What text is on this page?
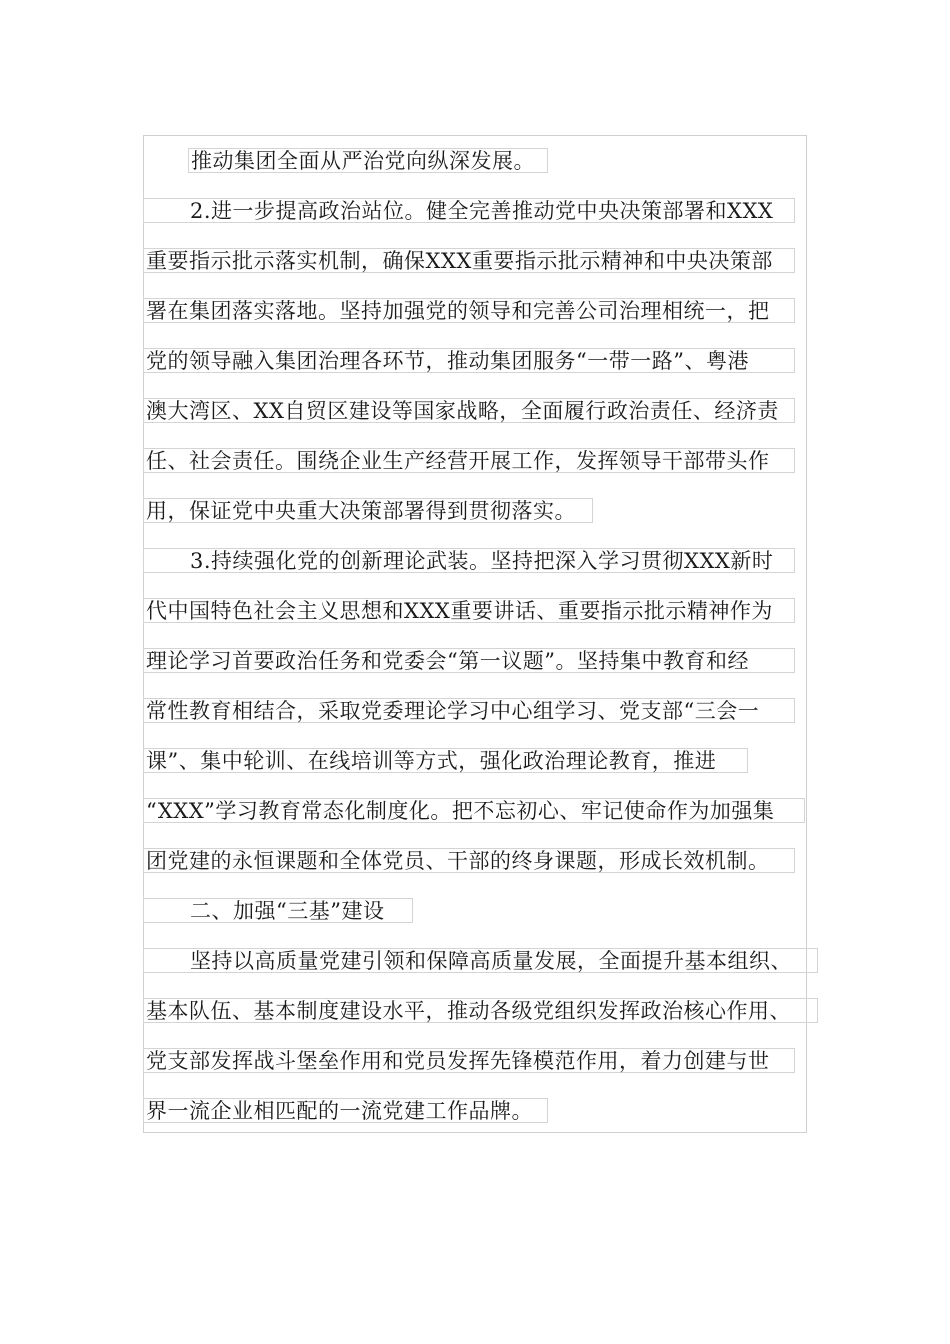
推动集团全面从严治党向纵深发展。
2.进一步提高政治站位。健全完善推动党中央决策部署和XXX
重要指示批示落实机制，确保XXX重要指示批示精神和中央决策部
署在集团落实落地。坚持加强党的领导和完善公司治理相统一，把
党的领导融入集团治理各环节，推动集团服务“一带一路”、粤港
澳大湾区、XX自贸区建设等国家战略，全面履行政治责任、经济责
任、社会责任。围绕企业生产经营开展工作，发挥领导干部带头作
用，保证党中央重大决策部署得到贯彻落实。
3.持续强化党的创新理论武装。坚持把深入学习贯彻XXX新时
代中国特色社会主义思想和XXX重要讲话、重要指示批示精神作为
理论学习首要政治任务和党委会“第一议题”。坚持集中教育和经
常性教育相结合，采取党委理论学习中心组学习、党支部“三会一
课”、集中轮训、在线培训等方式，强化政治理论教育，推进
“XXX”学习教育常态化制度化。把不忘初心、牢记使命作为加强集
团党建的永恒课题和全体党员、干部的终身课题，形成长效机制。
二、加强“三基”建设
坚持以高质量党建引领和保障高质量发展，全面提升基本组织、
基本队伍、基本制度建设水平，推动各级党组织发挥政治核心作用、
党支部发挥战斗堡垒作用和党员发挥先锋模范作用，着力创建与世
界一流企业相匹配的一流党建工作品牌。
